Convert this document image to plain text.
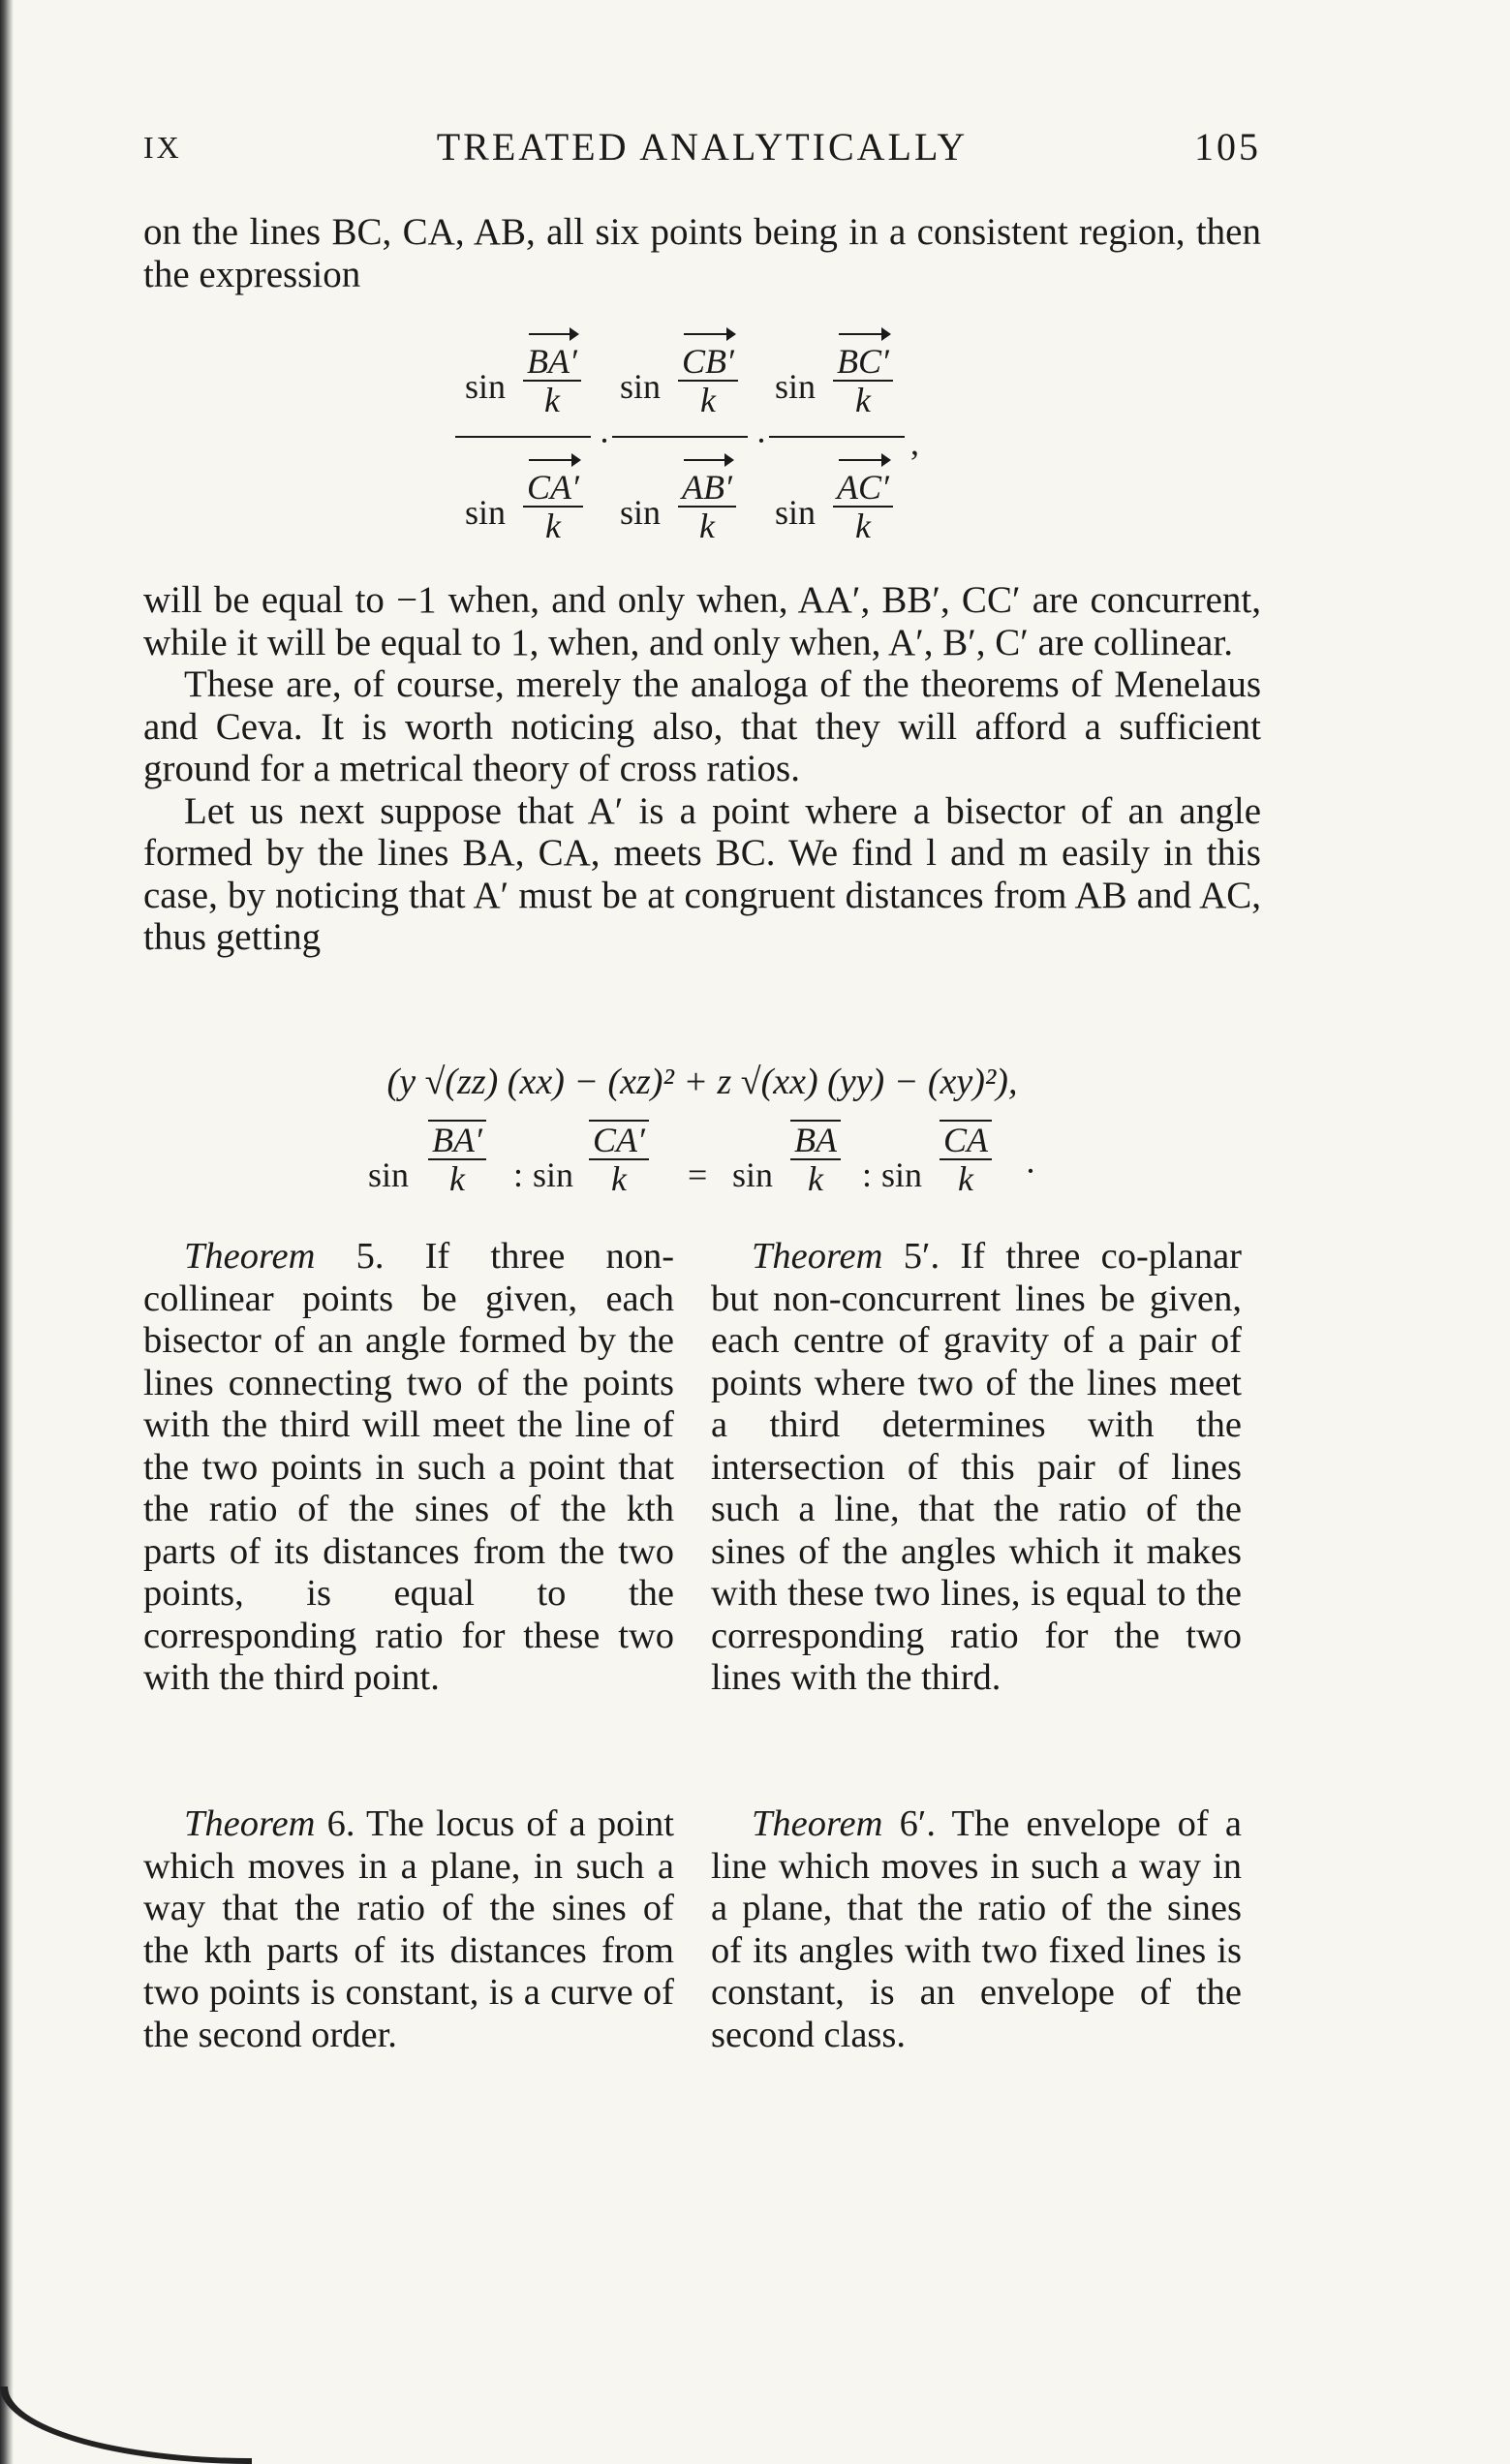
IX	TREATED ANALYTICALLY	105

on the lines BC, CA, AB, all six points being in a consistent region, then the expression

$\sin \frac{BA'}{k}$ $\sin \frac{CB'}{k}$ $\sin \frac{BC'}{k}$
·	·	,
$\sin \frac{CA'}{k}$ $\sin \frac{AB'}{k}$ $\sin \frac{AC'}{k}$

will be equal to −1 when, and only when, AA′, BB′, CC′ are concurrent, while it will be equal to 1, when, and only when, A′, B′, C′ are collinear.

These are, of course, merely the analoga of the theorems of Menelaus and Ceva. It is worth noticing also, that they will afford a sufficient ground for a metrical theory of cross ratios.

Let us next suppose that A′ is a point where a bisector of an angle formed by the lines BA, CA, meets BC. We find l and m easily in this case, by noticing that A′ must be at congruent distances from AB and AC, thus getting

(y √(zz) (xx) − (xz)² + z √(xx) (yy) − (xy)²),
$\sin \frac{BA'}{k}$ : $\sin \frac{CA'}{k} = \sin \frac{BA}{k}$ : $\sin \frac{CA}{k}$ ·

Theorem 5. If three non-collinear points be given, each bisector of an angle formed by the lines connecting two of the points with the third will meet the line of the two points in such a point that the ratio of the sines of the kth parts of its distances from the two points, is equal to the corresponding ratio for these two with the third point.

Theorem 5′. If three co-planar but non-concurrent lines be given, each centre of gravity of a pair of points where two of the lines meet a third determines with the intersection of this pair of lines such a line, that the ratio of the sines of the angles which it makes with these two lines, is equal to the corresponding ratio for the two lines with the third.

Theorem 6. The locus of a point which moves in a plane, in such a way that the ratio of the sines of the kth parts of its distances from two points is constant, is a curve of the second order.

Theorem 6′. The envelope of a line which moves in such a way in a plane, that the ratio of the sines of its angles with two fixed lines is constant, is an envelope of the second class.
